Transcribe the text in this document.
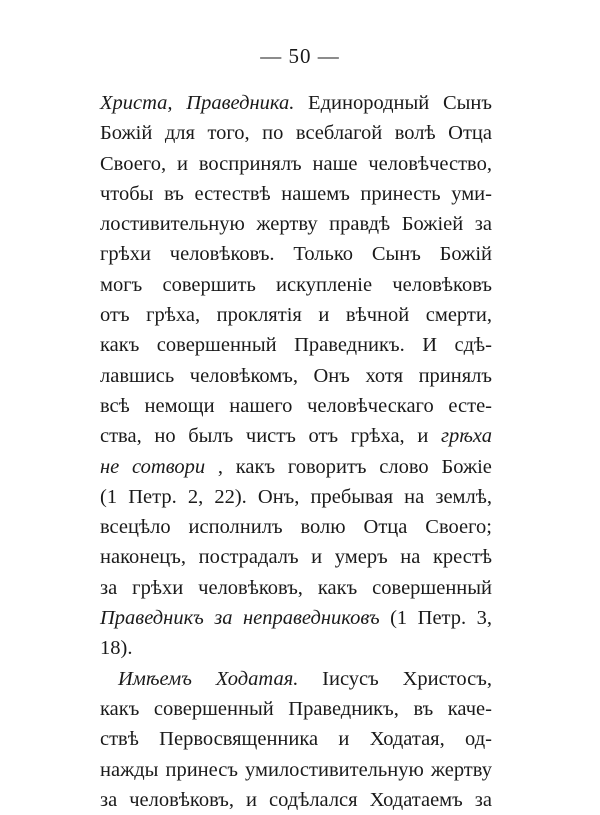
— 50 —
Христа, Праведника. Единородный Сынъ
Божій для того, по всеблагой волѣ Отца
Своего, и воспринялъ наше человѣчество,
чтобы въ естествѣ нашемъ принесть уми-
лостивительную жертву правдѣ Божіей за
грѣхи человѣковъ. Только Сынъ Божій
могъ совершить искупленіе человѣковъ
отъ грѣха, проклятія и вѣчной смерти,
какъ совершенный Праведникъ. И сдѣ-
лавшись человѣкомъ, Онъ хотя принялъ
всѣ немощи нашего человѣческаго есте-
ства, но былъ чистъ отъ грѣха, и грѣха
не сотвори , какъ говоритъ слово Божіе
(1 Петр. 2, 22). Онъ, пребывая на землѣ,
всецѣло исполнилъ волю Отца Своего;
наконецъ, пострадалъ и умеръ на крестѣ
за грѣхи человѣковъ, какъ совершенный
Праведникъ за неправедниковъ (1 Петр. 3,
18).
Имѣемъ Ходатая. Іисусъ Христосъ,
какъ совершенный Праведникъ, въ каче-
ствѣ Первосвященника и Ходатая, од-
нажды принесъ умилостивительную жертву
за человѣковъ, и содѣлался Ходатаемъ за
